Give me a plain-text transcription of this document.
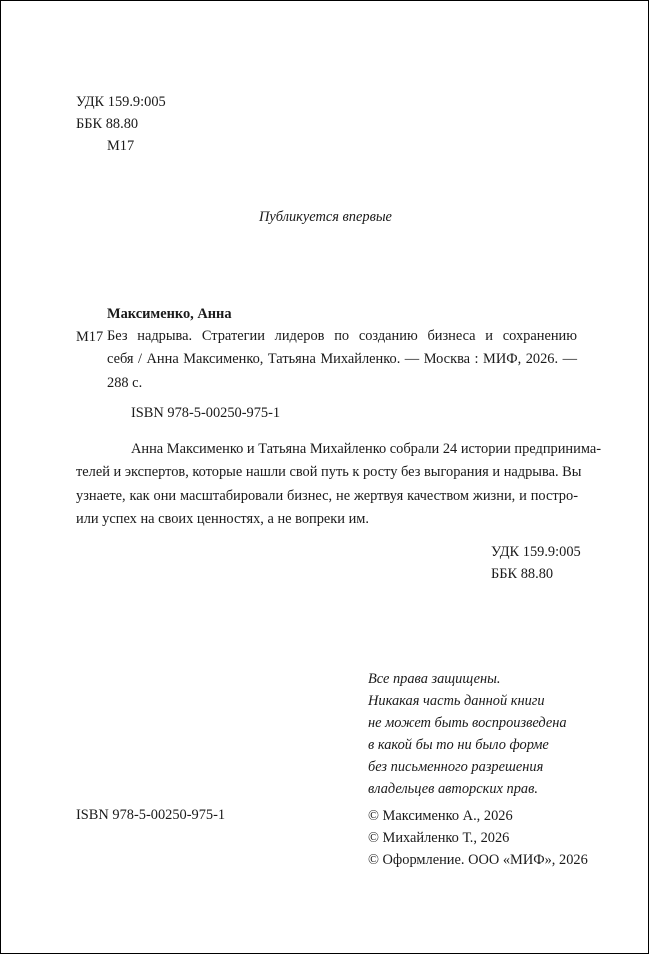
УДК 159.9:005
ББК 88.80
М17
Публикуется впервые
Максименко, Анна
М17 Без надрыва. Стратегии лидеров по созданию бизнеса и сохранению
себя / Анна Максименко, Татьяна Михайленко. — Москва : МИФ, 2026. —
288 с.
ISBN 978-5-00250-975-1
Анна Максименко и Татьяна Михайленко собрали 24 истории предпринима-
телей и экспертов, которые нашли свой путь к росту без выгорания и надрыва. Вы
узнаете, как они масштабировали бизнес, не жертвуя качеством жизни, и постро-
или успех на своих ценностях, а не вопреки им.
УДК 159.9:005
ББК 88.80
Все права защищены.
Никакая часть данной книги
не может быть воспроизведена
в какой бы то ни было форме
без письменного разрешения
владельцев авторских прав.
ISBN 978-5-00250-975-1	© Максименко А., 2026
© Михайленко Т., 2026
© Оформление. ООО «МИФ», 2026
